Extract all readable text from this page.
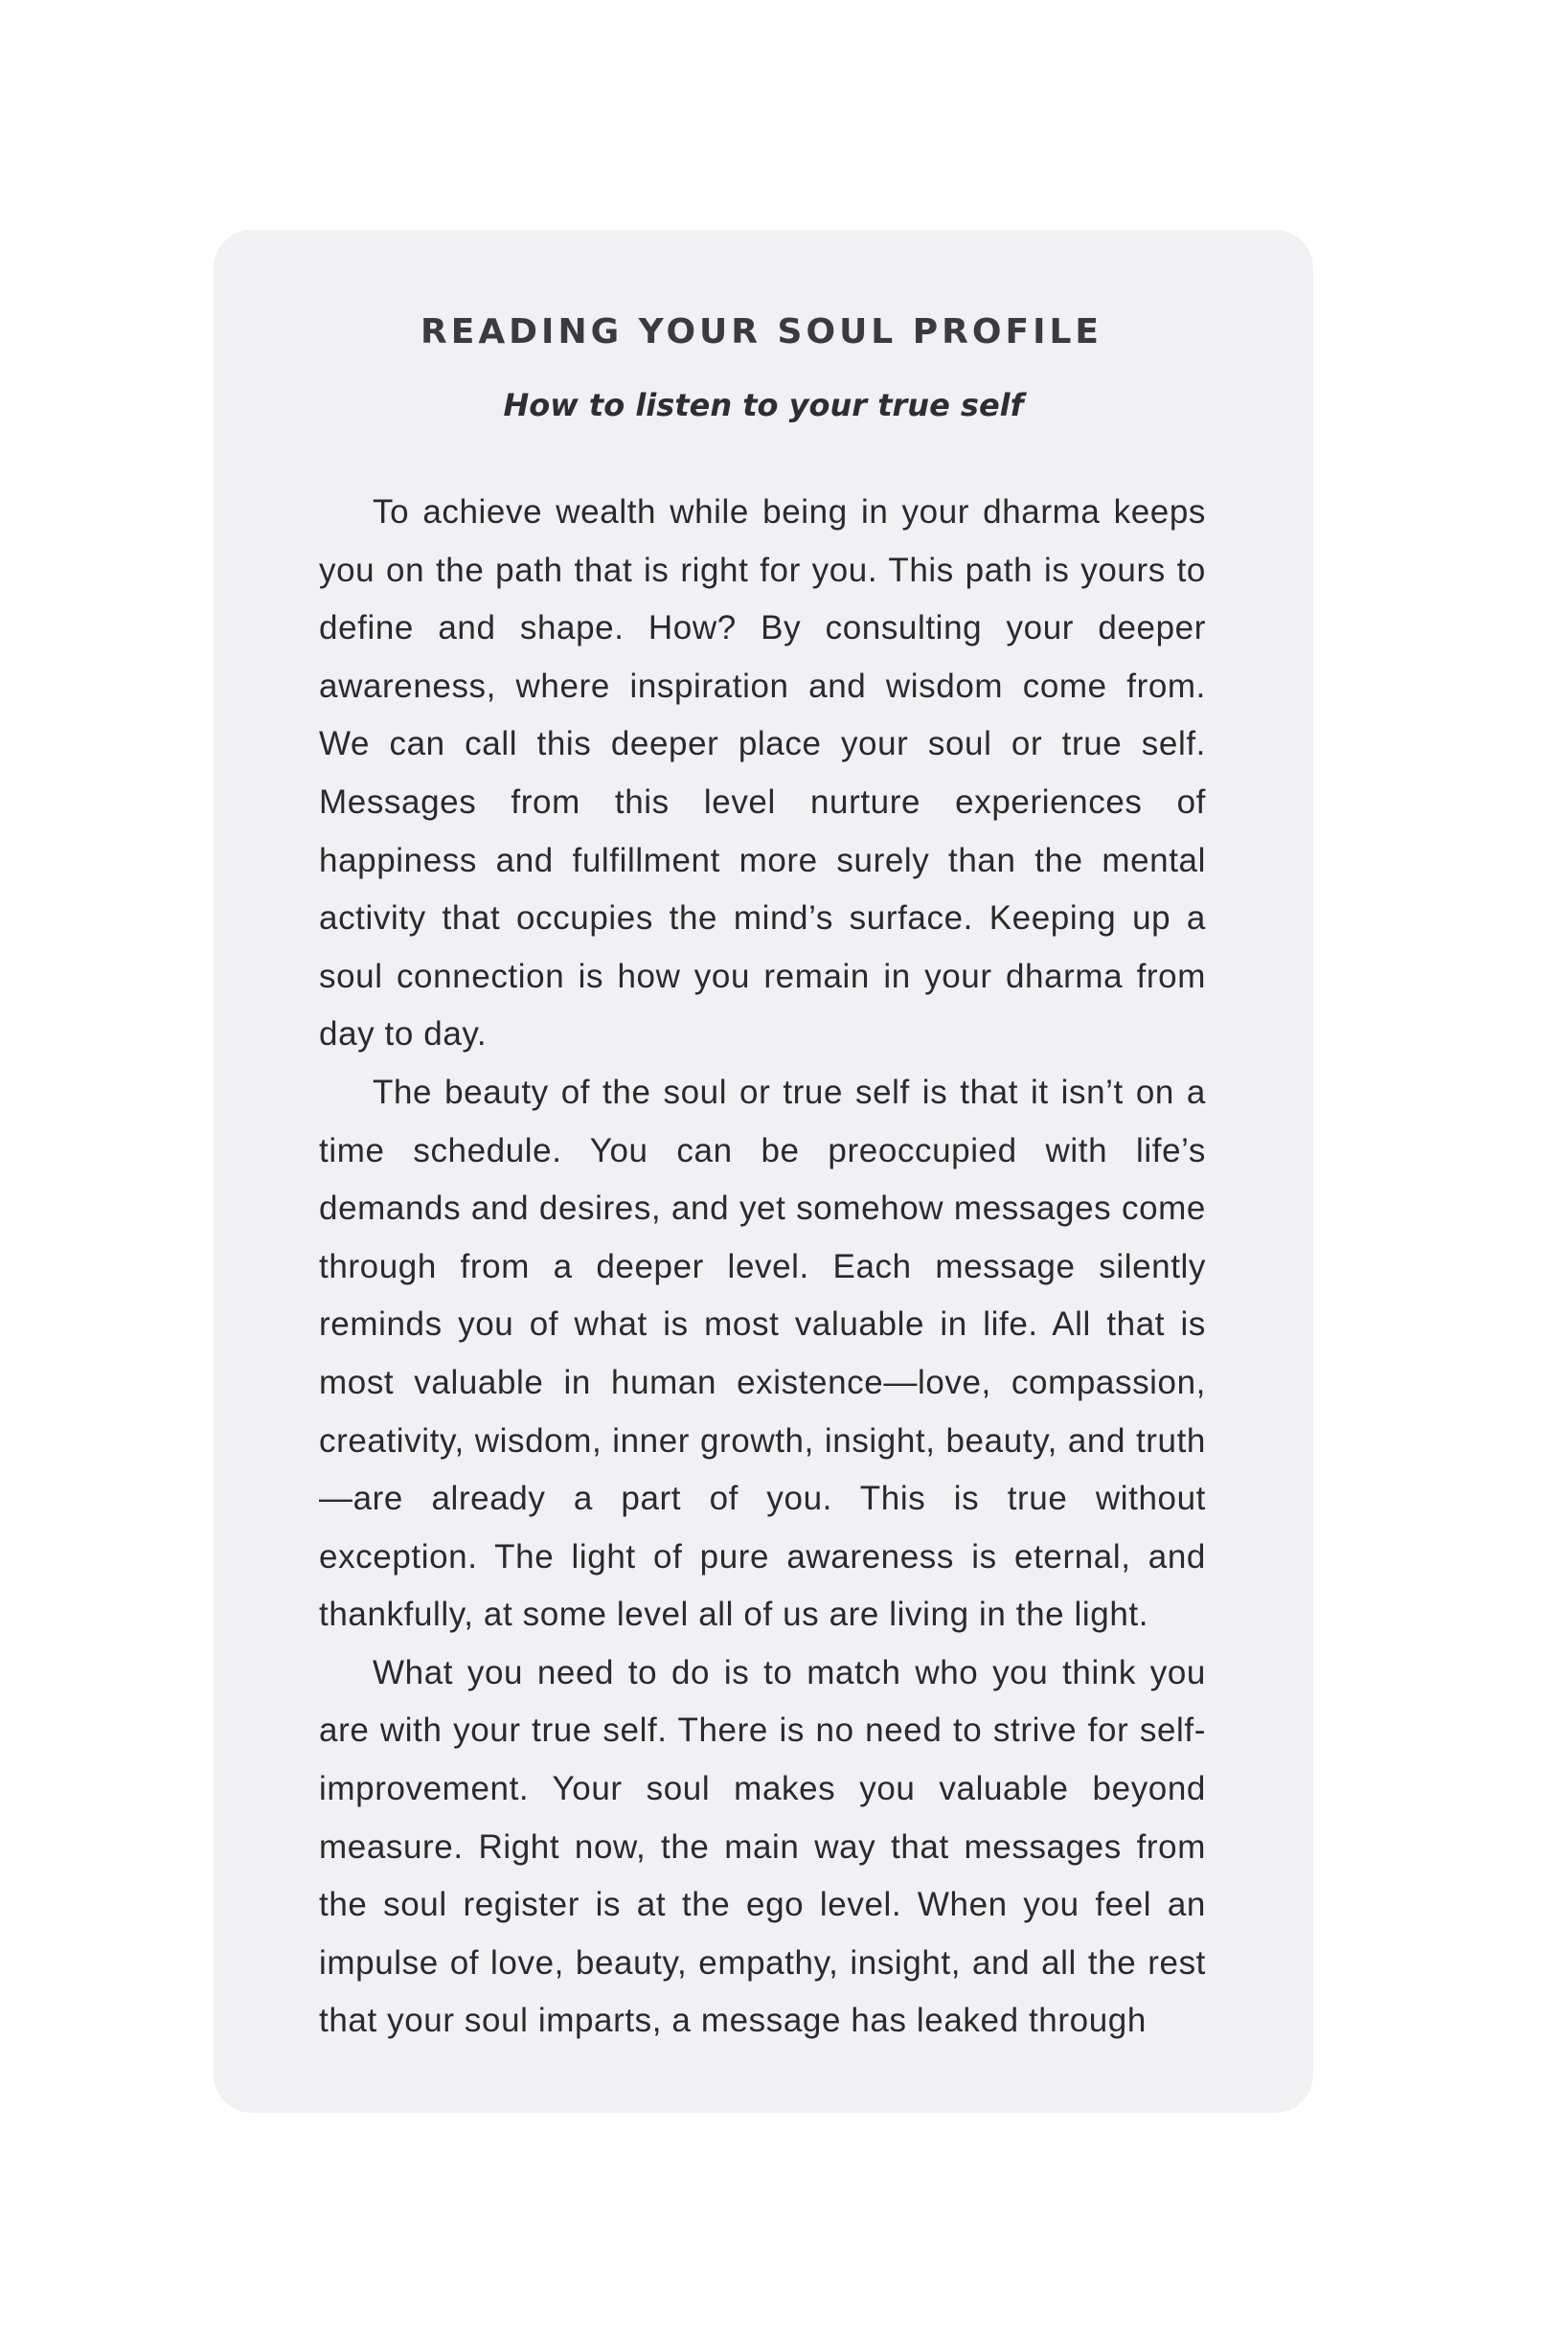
READING YOUR SOUL PROFILE
How to listen to your true self

To achieve wealth while being in your dharma keeps you on the path that is right for you. This path is yours to define and shape. How? By consulting your deeper awareness, where inspiration and wisdom come from. We can call this deeper place your soul or true self. Messages from this level nurture experiences of happiness and fulfillment more surely than the mental activity that occupies the mind’s surface. Keeping up a soul connection is how you remain in your dharma from day to day.

The beauty of the soul or true self is that it isn’t on a time schedule. You can be preoccupied with life’s demands and desires, and yet somehow messages come through from a deeper level. Each message silently reminds you of what is most valuable in life. All that is most valuable in human existence—love, compassion, creativity, wisdom, inner growth, insight, beauty, and truth—are already a part of you. This is true without exception. The light of pure awareness is eternal, and thankfully, at some level all of us are living in the light.

What you need to do is to match who you think you are with your true self. There is no need to strive for self-improvement. Your soul makes you valuable beyond measure. Right now, the main way that messages from the soul register is at the ego level. When you feel an impulse of love, beauty, empathy, insight, and all the rest that your soul imparts, a message has leaked through
